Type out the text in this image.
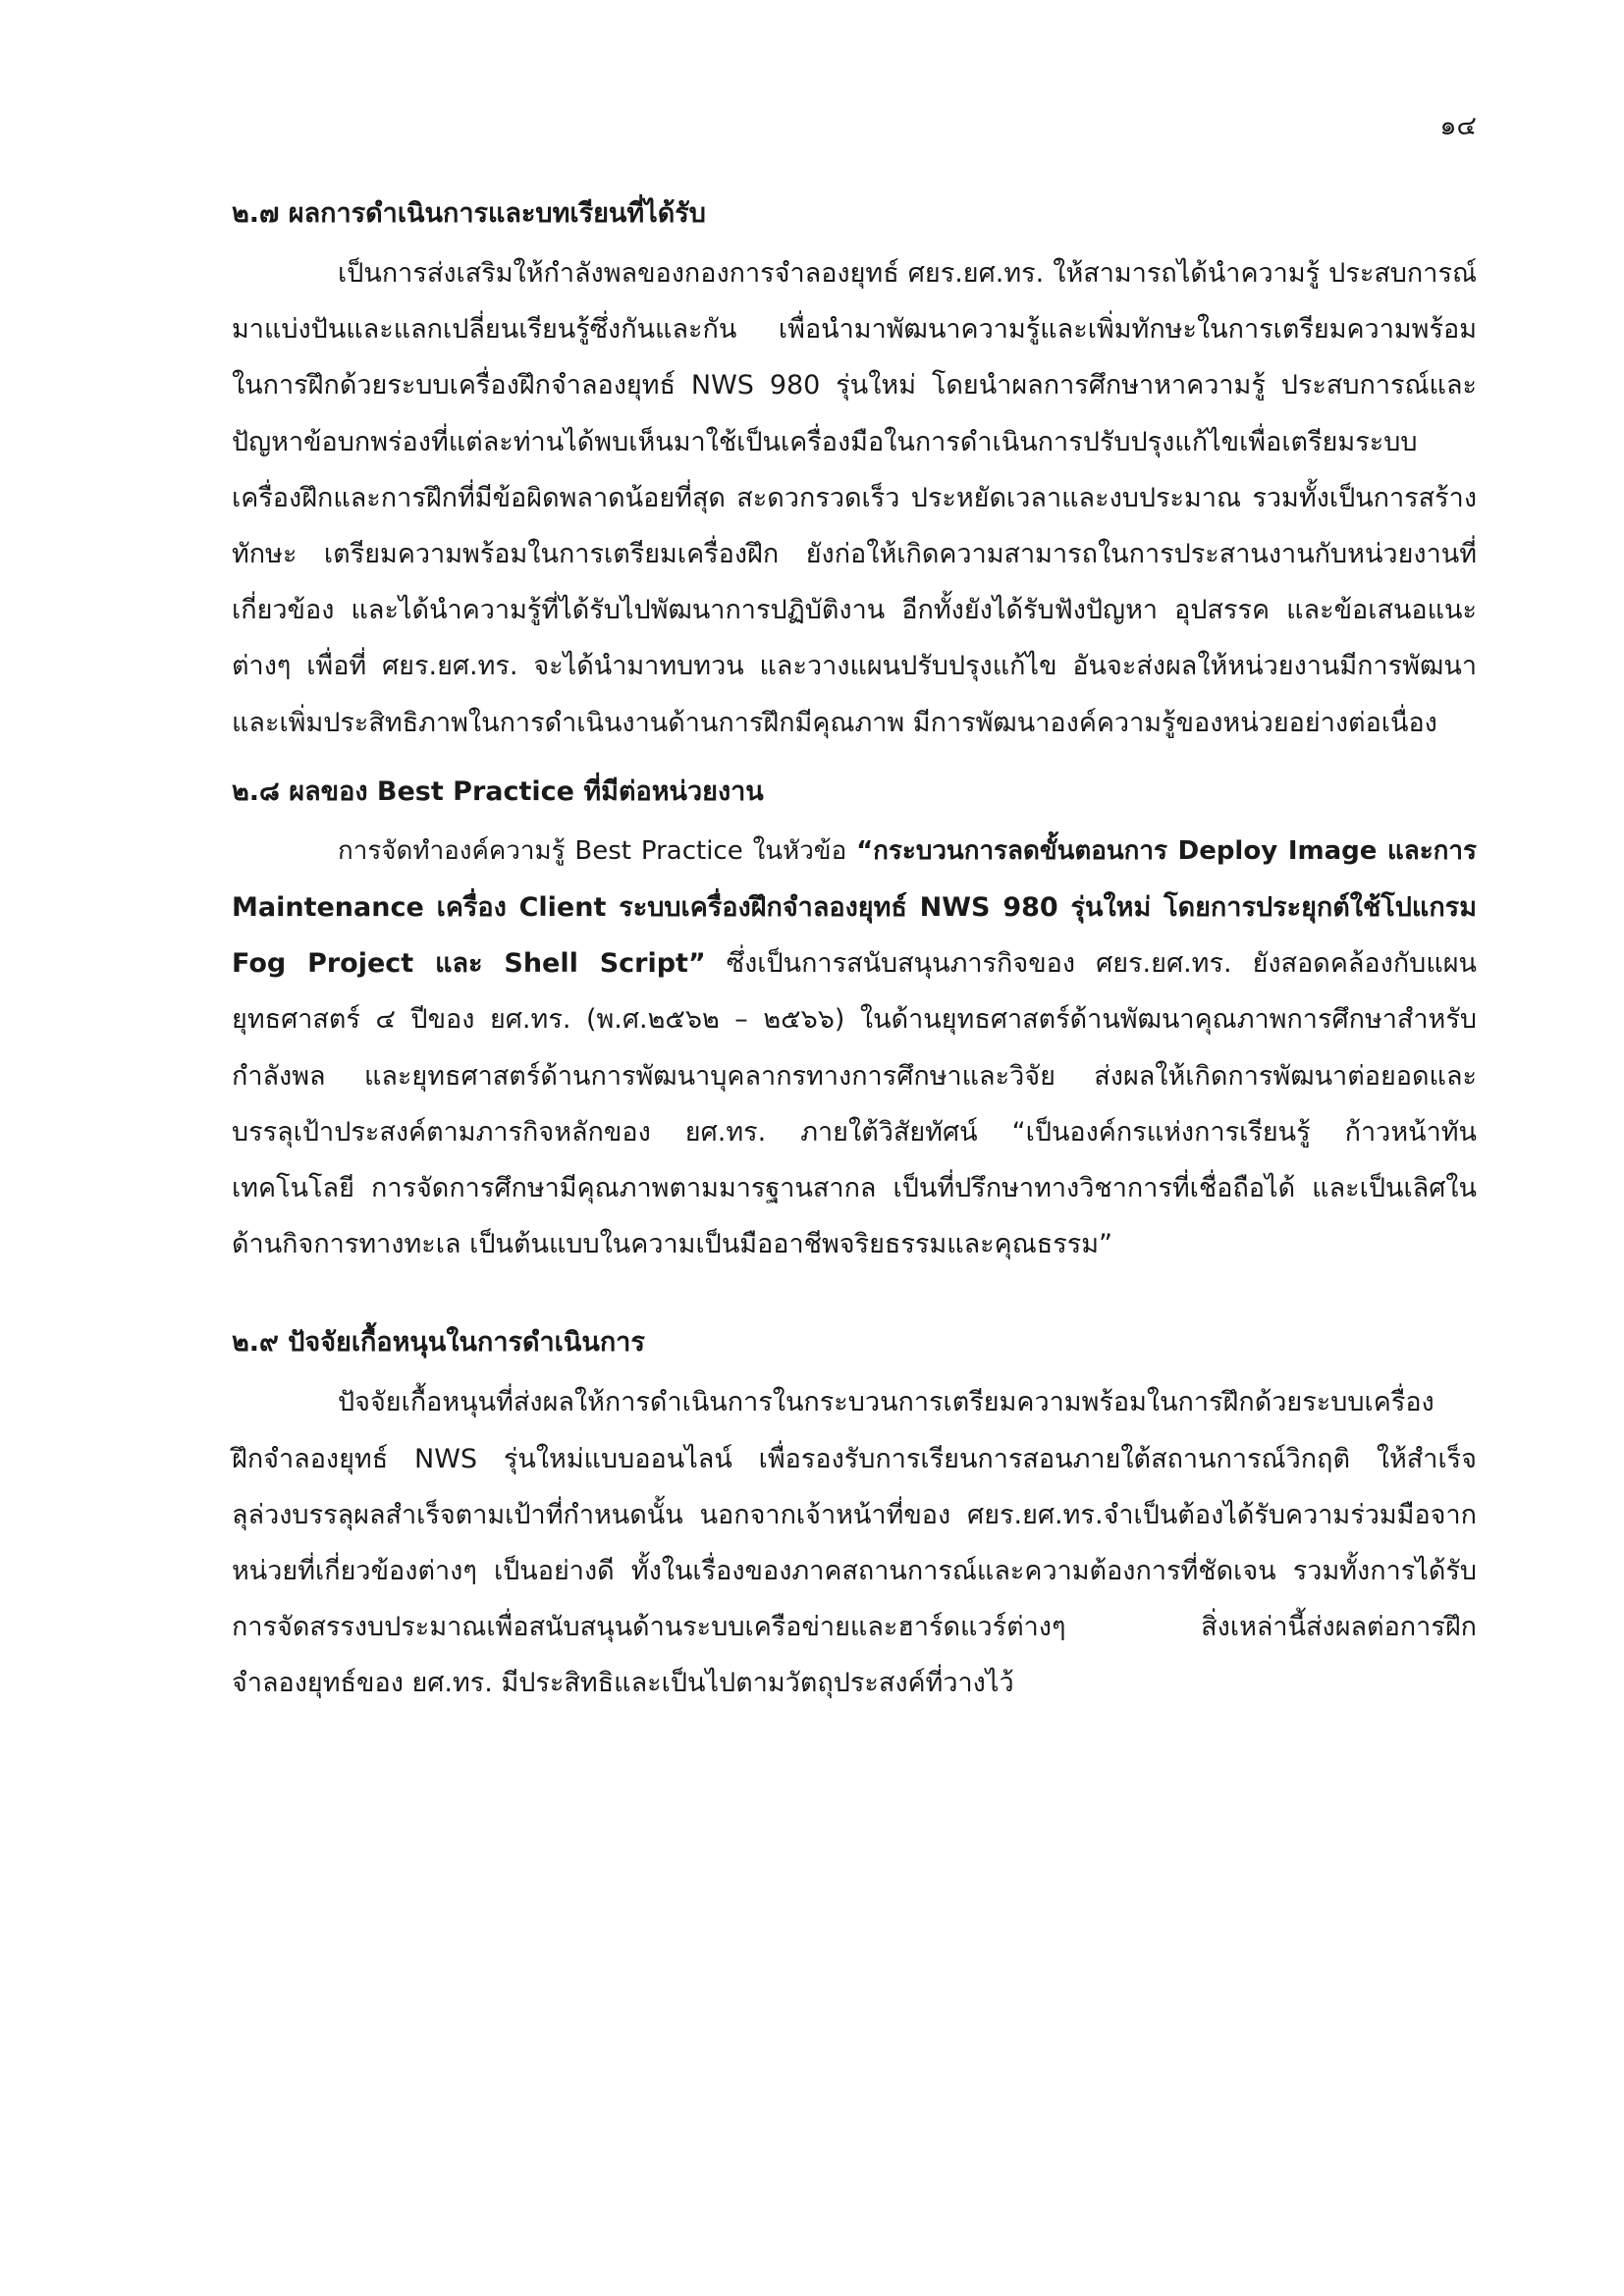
๑๔
๒.๗ ผลการดำเนินการและบทเรียนที่ได้รับ

เป็นการส่งเสริมให้กำลังพลของกองการจำลองยุทธ์ ศยร.ยศ.ทร. ให้สามารถได้นำความรู้ ประสบการณ์
มาแบ่งปันและแลกเปลี่ยนเรียนรู้ซึ่งกันและกัน เพื่อนำมาพัฒนาความรู้และเพิ่มทักษะในการเตรียมความพร้อม
ในการฝึกด้วยระบบเครื่องฝึกจำลองยุทธ์ NWS 980 รุ่นใหม่ โดยนำผลการศึกษาหาความรู้ ประสบการณ์และ
ปัญหาข้อบกพร่องที่แต่ละท่านได้พบเห็นมาใช้เป็นเครื่องมือในการดำเนินการปรับปรุงแก้ไขเพื่อเตรียมระบบ
เครื่องฝึกและการฝึกที่มีข้อผิดพลาดน้อยที่สุด สะดวกรวดเร็ว ประหยัดเวลาและงบประมาณ รวมทั้งเป็นการสร้าง
ทักษะ เตรียมความพร้อมในการเตรียมเครื่องฝึก ยังก่อให้เกิดความสามารถในการประสานงานกับหน่วยงานที่
เกี่ยวข้อง และได้นำความรู้ที่ได้รับไปพัฒนาการปฏิบัติงาน อีกทั้งยังได้รับฟังปัญหา อุปสรรค และข้อเสนอแนะ
ต่างๆ เพื่อที่ ศยร.ยศ.ทร. จะได้นำมาทบทวน และวางแผนปรับปรุงแก้ไข อันจะส่งผลให้หน่วยงานมีการพัฒนา
และเพิ่มประสิทธิภาพในการดำเนินงานด้านการฝึกมีคุณภาพ มีการพัฒนาองค์ความรู้ของหน่วยอย่างต่อเนื่อง

๒.๘ ผลของ Best Practice ที่มีต่อหน่วยงาน

การจัดทำองค์ความรู้ Best Practice ในหัวข้อ “กระบวนการลดขั้นตอนการ Deploy Image และการ
Maintenance เครื่อง Client ระบบเครื่องฝึกจำลองยุทธ์ NWS 980 รุ่นใหม่ โดยการประยุกต์ใช้โปแกรม
Fog Project และ Shell Script” ซึ่งเป็นการสนับสนุนภารกิจของ ศยร.ยศ.ทร. ยังสอดคล้องกับแผน
ยุทธศาสตร์ ๔ ปีของ ยศ.ทร. (พ.ศ.๒๕๖๒ – ๒๕๖๖) ในด้านยุทธศาสตร์ด้านพัฒนาคุณภาพการศึกษาสำหรับ
กำลังพล และยุทธศาสตร์ด้านการพัฒนาบุคลากรทางการศึกษาและวิจัย ส่งผลให้เกิดการพัฒนาต่อยอดและ
บรรลุเป้าประสงค์ตามภารกิจหลักของ ยศ.ทร. ภายใต้วิสัยทัศน์ “เป็นองค์กรแห่งการเรียนรู้ ก้าวหน้าทัน
เทคโนโลยี การจัดการศึกษามีคุณภาพตามมารฐานสากล เป็นที่ปรึกษาทางวิชาการที่เชื่อถือได้ และเป็นเลิศใน
ด้านกิจการทางทะเล เป็นต้นแบบในความเป็นมืออาชีพจริยธรรมและคุณธรรม”

๒.๙ ปัจจัยเกื้อหนุนในการดำเนินการ

ปัจจัยเกื้อหนุนที่ส่งผลให้การดำเนินการในกระบวนการเตรียมความพร้อมในการฝึกด้วยระบบเครื่อง
ฝึกจำลองยุทธ์ NWS รุ่นใหม่แบบออนไลน์ เพื่อรองรับการเรียนการสอนภายใต้สถานการณ์วิกฤติ ให้สำเร็จ
ลุล่วงบรรลุผลสำเร็จตามเป้าที่กำหนดนั้น นอกจากเจ้าหน้าที่ของ ศยร.ยศ.ทร.จำเป็นต้องได้รับความร่วมมือจาก
หน่วยที่เกี่ยวข้องต่างๆ เป็นอย่างดี ทั้งในเรื่องของภาคสถานการณ์และความต้องการที่ชัดเจน รวมทั้งการได้รับ
การจัดสรรงบประมาณเพื่อสนับสนุนด้านระบบเครือข่ายและฮาร์ดแวร์ต่างๆ สิ่งเหล่านี้ส่งผลต่อการฝึก
จำลองยุทธ์ของ ยศ.ทร. มีประสิทธิและเป็นไปตามวัตถุประสงค์ที่วางไว้
